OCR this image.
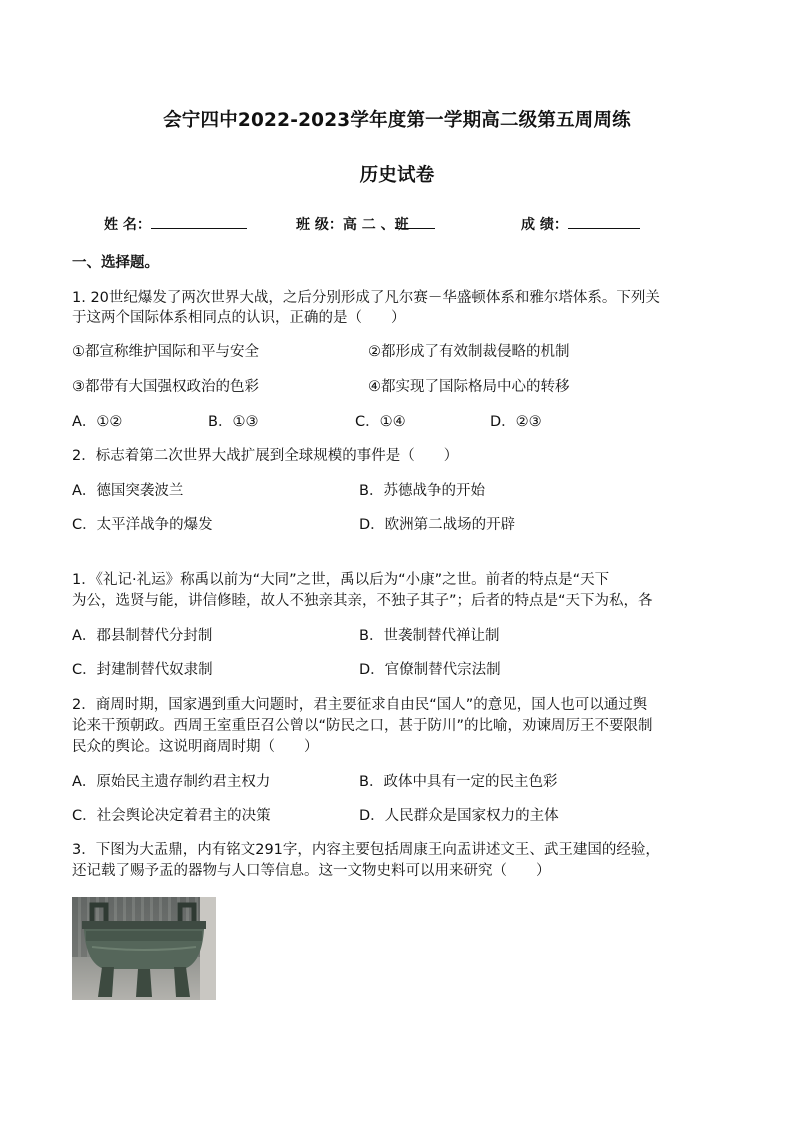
会宁四中2022-2023学年度第一学期高二级第五周周练
历史试卷
姓 名：	班 级：高 二 、
班	成 绩：
一、选择题。
1. 20世纪爆发了两次世界大战，之后分别形成了凡尔赛－华盛顿体系和雅尔塔体系。下列关
于这两个国际体系相同点的认识，正确的是（　　）
①都宣称维护国际和平与安全	②都形成了有效制裁侵略的机制
③都带有大国强权政治的色彩	④都实现了国际格局中心的转移
A．①②	B．①③	C．①④	D．②③
2．标志着第二次世界大战扩展到全球规模的事件是（　　）
A．德国突袭波兰	B．苏德战争的开始
C．太平洋战争的爆发	D．欧洲第二战场的开辟
1．《礼记·礼运》称禹以前为“大同”之世，禹以后为“小康”之世。前者的特点是“天下
为公，选贤与能，讲信修睦，故人不独亲其亲，不独子其子”；后者的特点是“天下为私，各
A．郡县制替代分封制	B．世袭制替代禅让制
C．封建制替代奴隶制	D．官僚制替代宗法制
2．商周时期，国家遇到重大问题时，君主要征求自由民“国人”的意见，国人也可以通过舆
论来干预朝政。西周王室重臣召公曾以“防民之口，甚于防川”的比喻，劝谏周厉王不要限制
民众的舆论。这说明商周时期（　　）
A．原始民主遗存制约君主权力	B．政体中具有一定的民主色彩
C．社会舆论决定着君主的决策	D．人民群众是国家权力的主体
3．下图为大盂鼎，内有铭文291字，内容主要包括周康王向盂讲述文王、武王建国的经验，
还记载了赐予盂的器物与人口等信息。这一文物史料可以用来研究（　　）
